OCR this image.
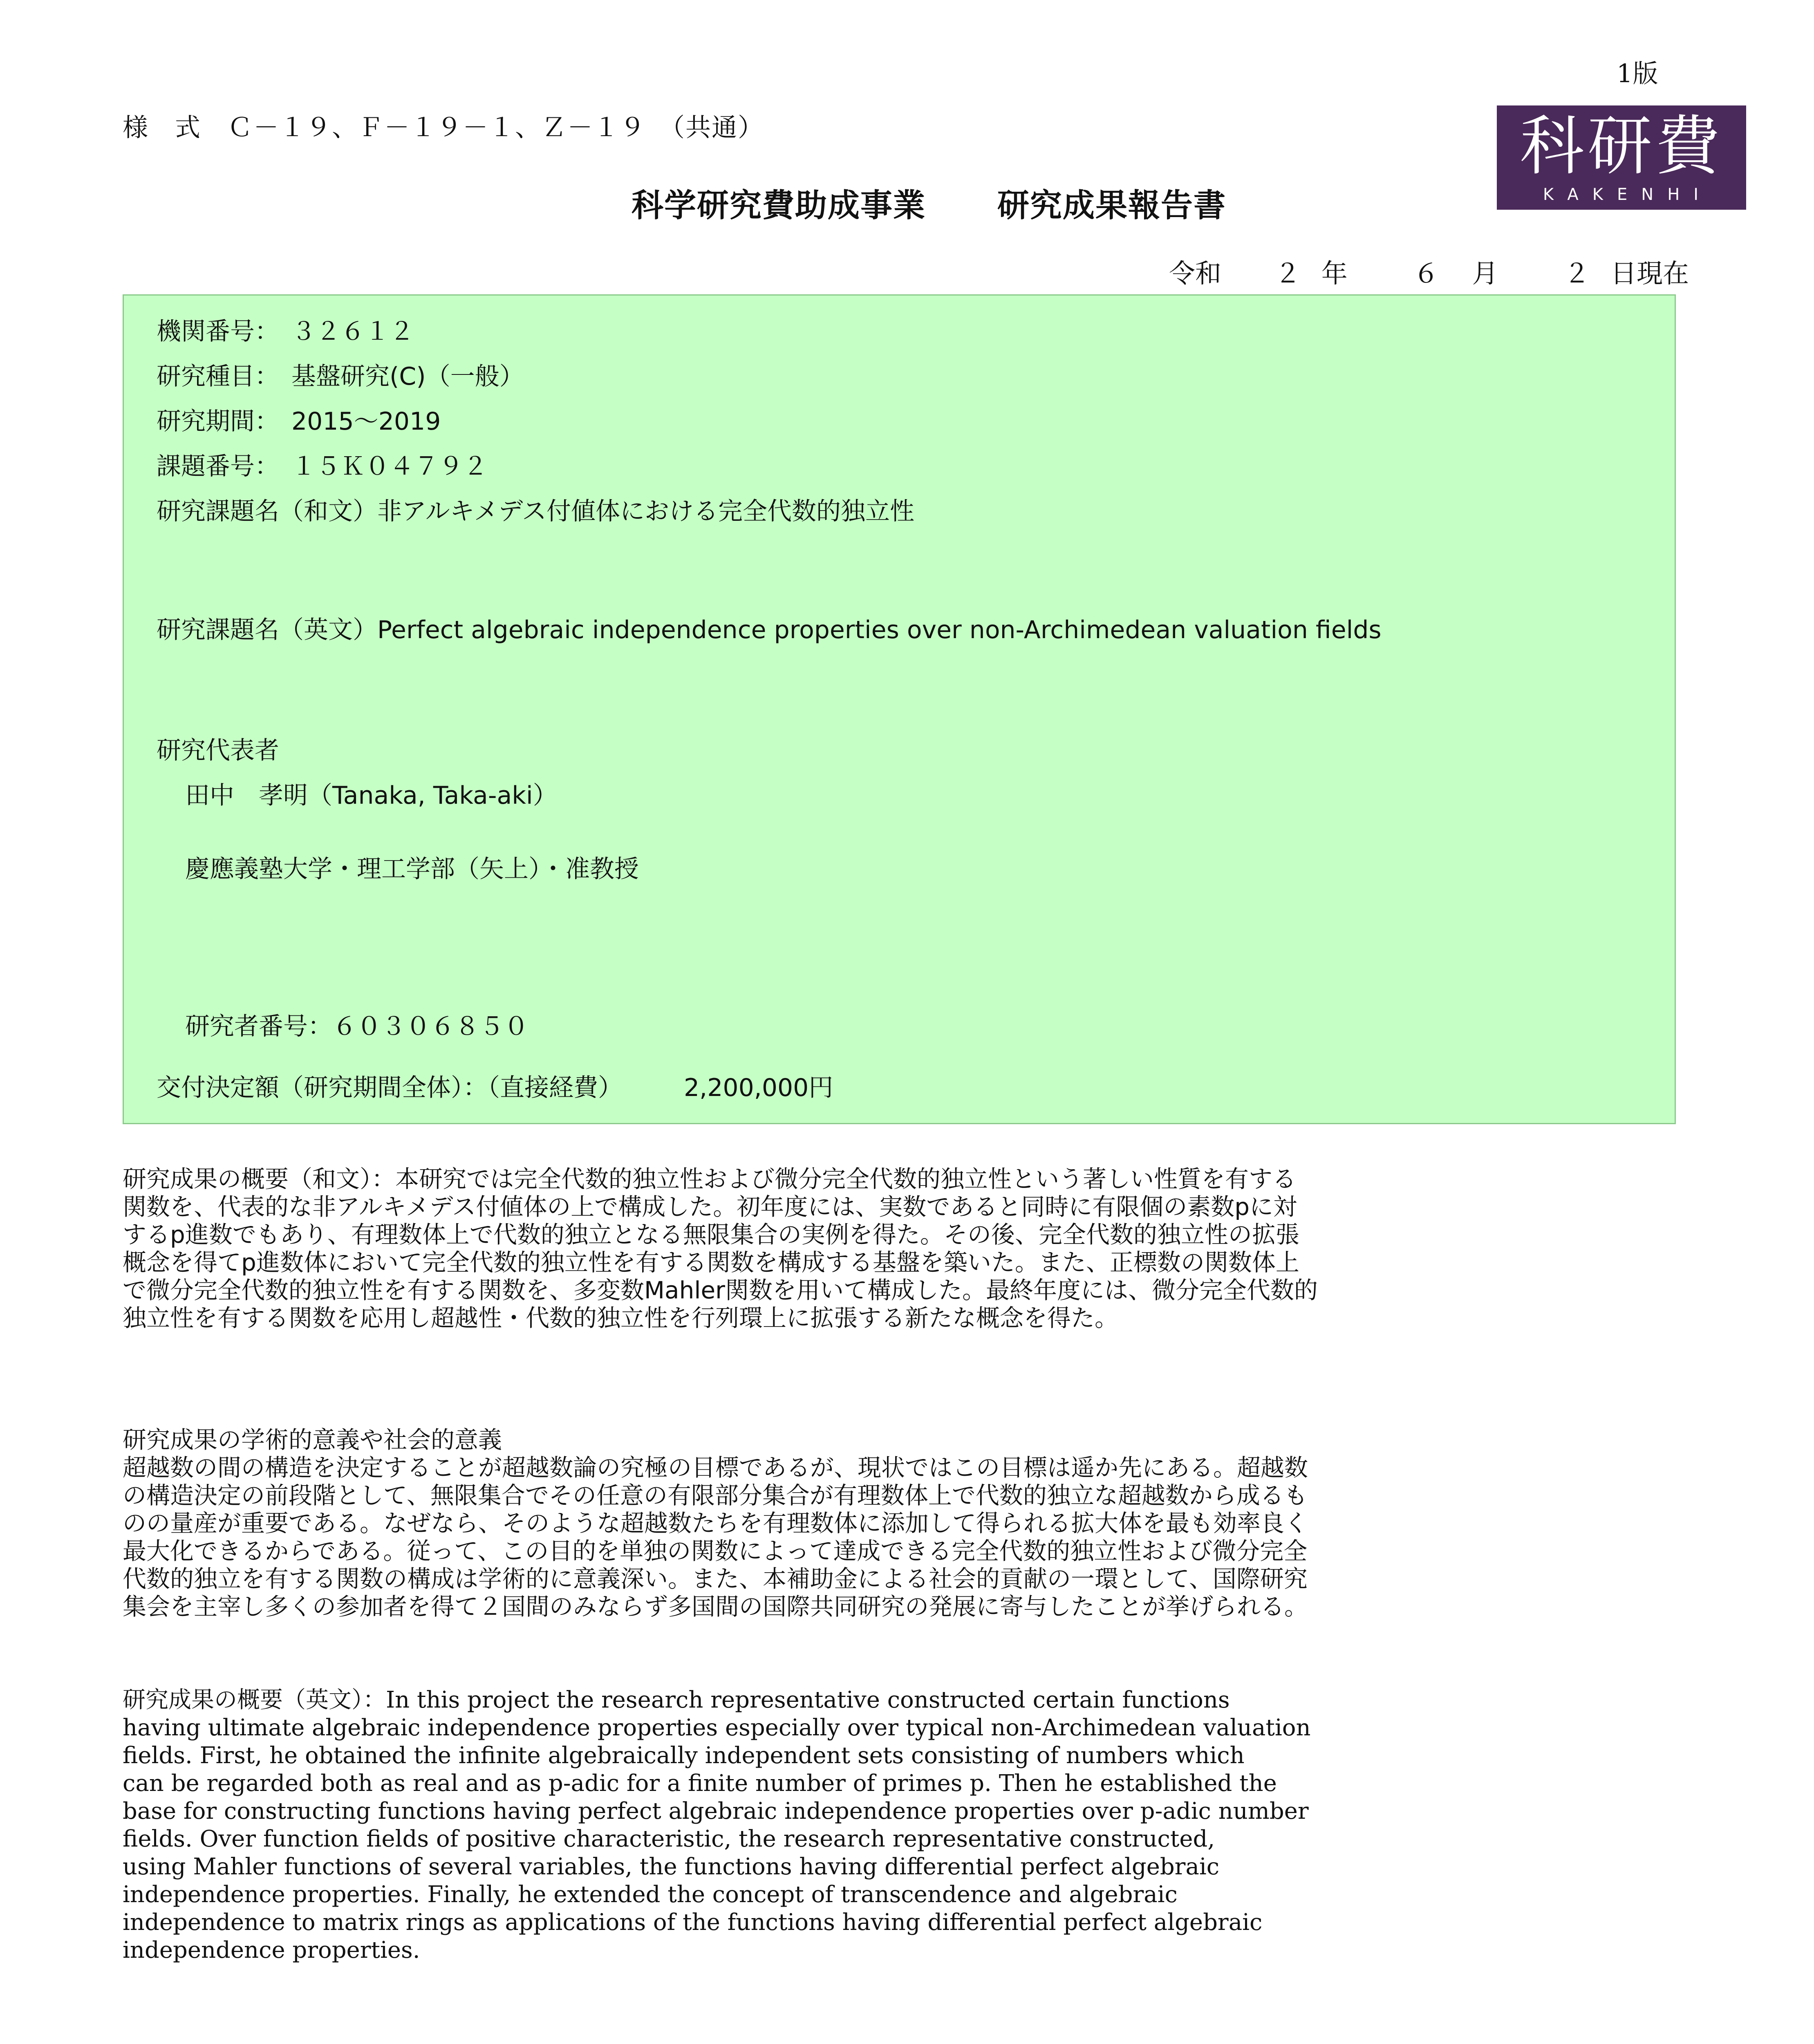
1版
様　式　Ｃ－１９、Ｆ－１９－１、Ｚ－１９　（共通）	科研費
KAKENHI
科学研究費助成事業 研究成果報告書
令和 ２ 年	６ 月	２ 日現在
機関番号：　３２６１２
研究種目：　基盤研究(C)（一般）
研究期間：　2015～2019
課題番号：　１５Ｋ０４７９２
研究課題名（和文）非アルキメデス付値体における完全代数的独立性
研究課題名（英文）Perfect algebraic independence properties over non-Archimedean valuation fields
研究代表者
田中　孝明（Tanaka, Taka-aki）
慶應義塾大学・理工学部（矢上）・准教授
研究者番号：６０３０６８５０
交付決定額（研究期間全体）：（直接経費）　　　2,200,000円
研究成果の概要（和文）：本研究では完全代数的独立性および微分完全代数的独立性という著しい性質を有する
関数を、代表的な非アルキメデス付値体の上で構成した。初年度には、実数であると同時に有限個の素数pに対
するp進数でもあり、有理数体上で代数的独立となる無限集合の実例を得た。その後、完全代数的独立性の拡張
概念を得てp進数体において完全代数的独立性を有する関数を構成する基盤を築いた。また、正標数の関数体上
で微分完全代数的独立性を有する関数を、多変数Mahler関数を用いて構成した。最終年度には、微分完全代数的
独立性を有する関数を応用し超越性・代数的独立性を行列環上に拡張する新たな概念を得た。
研究成果の学術的意義や社会的意義
超越数の間の構造を決定することが超越数論の究極の目標であるが、現状ではこの目標は遥か先にある。超越数
の構造決定の前段階として、無限集合でその任意の有限部分集合が有理数体上で代数的独立な超越数から成るも
のの量産が重要である。なぜなら、そのような超越数たちを有理数体に添加して得られる拡大体を最も効率良く
最大化できるからである。従って、この目的を単独の関数によって達成できる完全代数的独立性および微分完全
代数的独立を有する関数の構成は学術的に意義深い。また、本補助金による社会的貢献の一環として、国際研究
集会を主宰し多くの参加者を得て２国間のみならず多国間の国際共同研究の発展に寄与したことが挙げられる。
研究成果の概要（英文）：In this project the research representative constructed certain functions
having ultimate algebraic independence properties especially over typical non-Archimedean valuation
fields. First, he obtained the infinite algebraically independent sets consisting of numbers which
can be regarded both as real and as p-adic for a finite number of primes p. Then he established the
base for constructing functions having perfect algebraic independence properties over p-adic number
fields. Over function fields of positive characteristic, the research representative constructed,
using Mahler functions of several variables, the functions having differential perfect algebraic
independence properties. Finally, he extended the concept of transcendence and algebraic
independence to matrix rings as applications of the functions having differential perfect algebraic
independence properties.
